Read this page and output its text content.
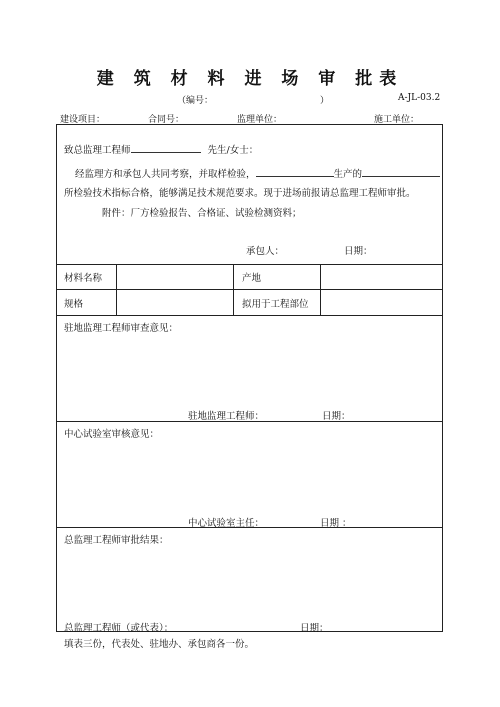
建 筑 材 料 进 场 审 批表
（编号：	）	A-JL-03.2
建设项目：	合同号：	监理单位：	施工单位：
致总监理工程师	先生/女士：
经监理方和承包人共同考察，并取样检验，	生产的
所检验技术指标合格，能够满足技术规范要求。现于进场前报请总监理工程师审批。
附件：厂方检验报告、合格证、试验检测资料；
承包人：	日期：
材料名称	产地
规格	拟用于工程部位
驻地监理工程师审查意见：
驻地监理工程师：	日期：
中心试验室审核意见：
中心试验室主任：	日期 ：
总监理工程师审批结果：
总监理工程师（或代表）：	日期：
填表三份，代表处、驻地办、承包商各一份。
